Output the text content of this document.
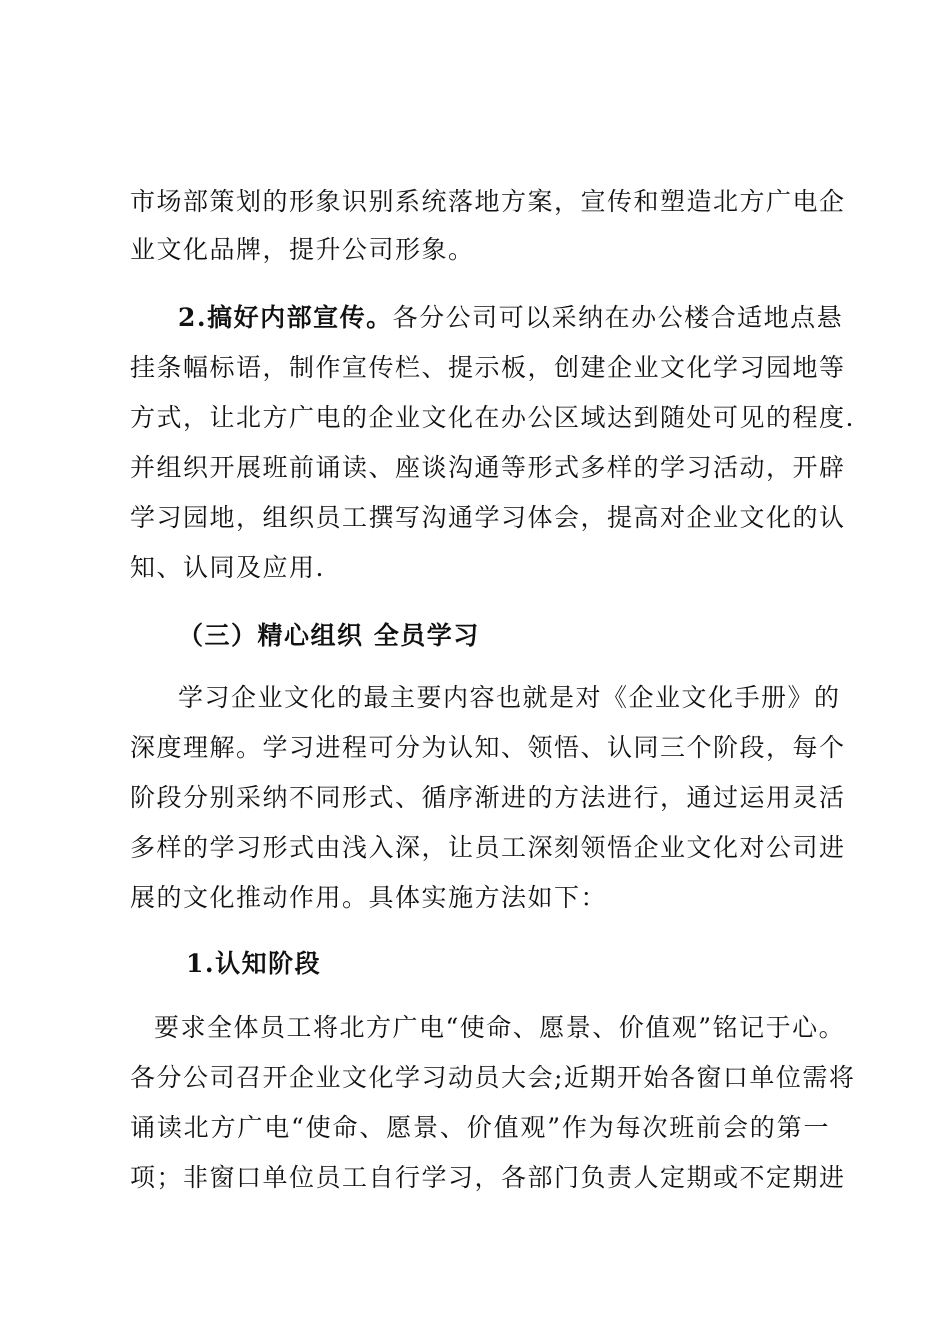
市场部策划的形象识别系统落地方案，宣传和塑造北方广电企
业文化品牌，提升公司形象。
2.搞好内部宣传。各分公司可以采纳在办公楼合适地点悬
挂条幅标语，制作宣传栏、提示板，创建企业文化学习园地等
方式，让北方广电的企业文化在办公区域达到随处可见的程度.
并组织开展班前诵读、座谈沟通等形式多样的学习活动，开辟
学习园地，组织员工撰写沟通学习体会，提高对企业文化的认
知、认同及应用.
（三）精心组织 全员学习
学习企业文化的最主要内容也就是对《企业文化手册》的
深度理解。学习进程可分为认知、领悟、认同三个阶段，每个
阶段分别采纳不同形式、循序渐进的方法进行，通过运用灵活
多样的学习形式由浅入深，让员工深刻领悟企业文化对公司进
展的文化推动作用。具体实施方法如下：
1.认知阶段
要求全体员工将北方广电“使命、愿景、价值观”铭记于心。
各分公司召开企业文化学习动员大会;近期开始各窗口单位需将
诵读北方广电“使命、愿景、价值观”作为每次班前会的第一
项；非窗口单位员工自行学习，各部门负责人定期或不定期进
